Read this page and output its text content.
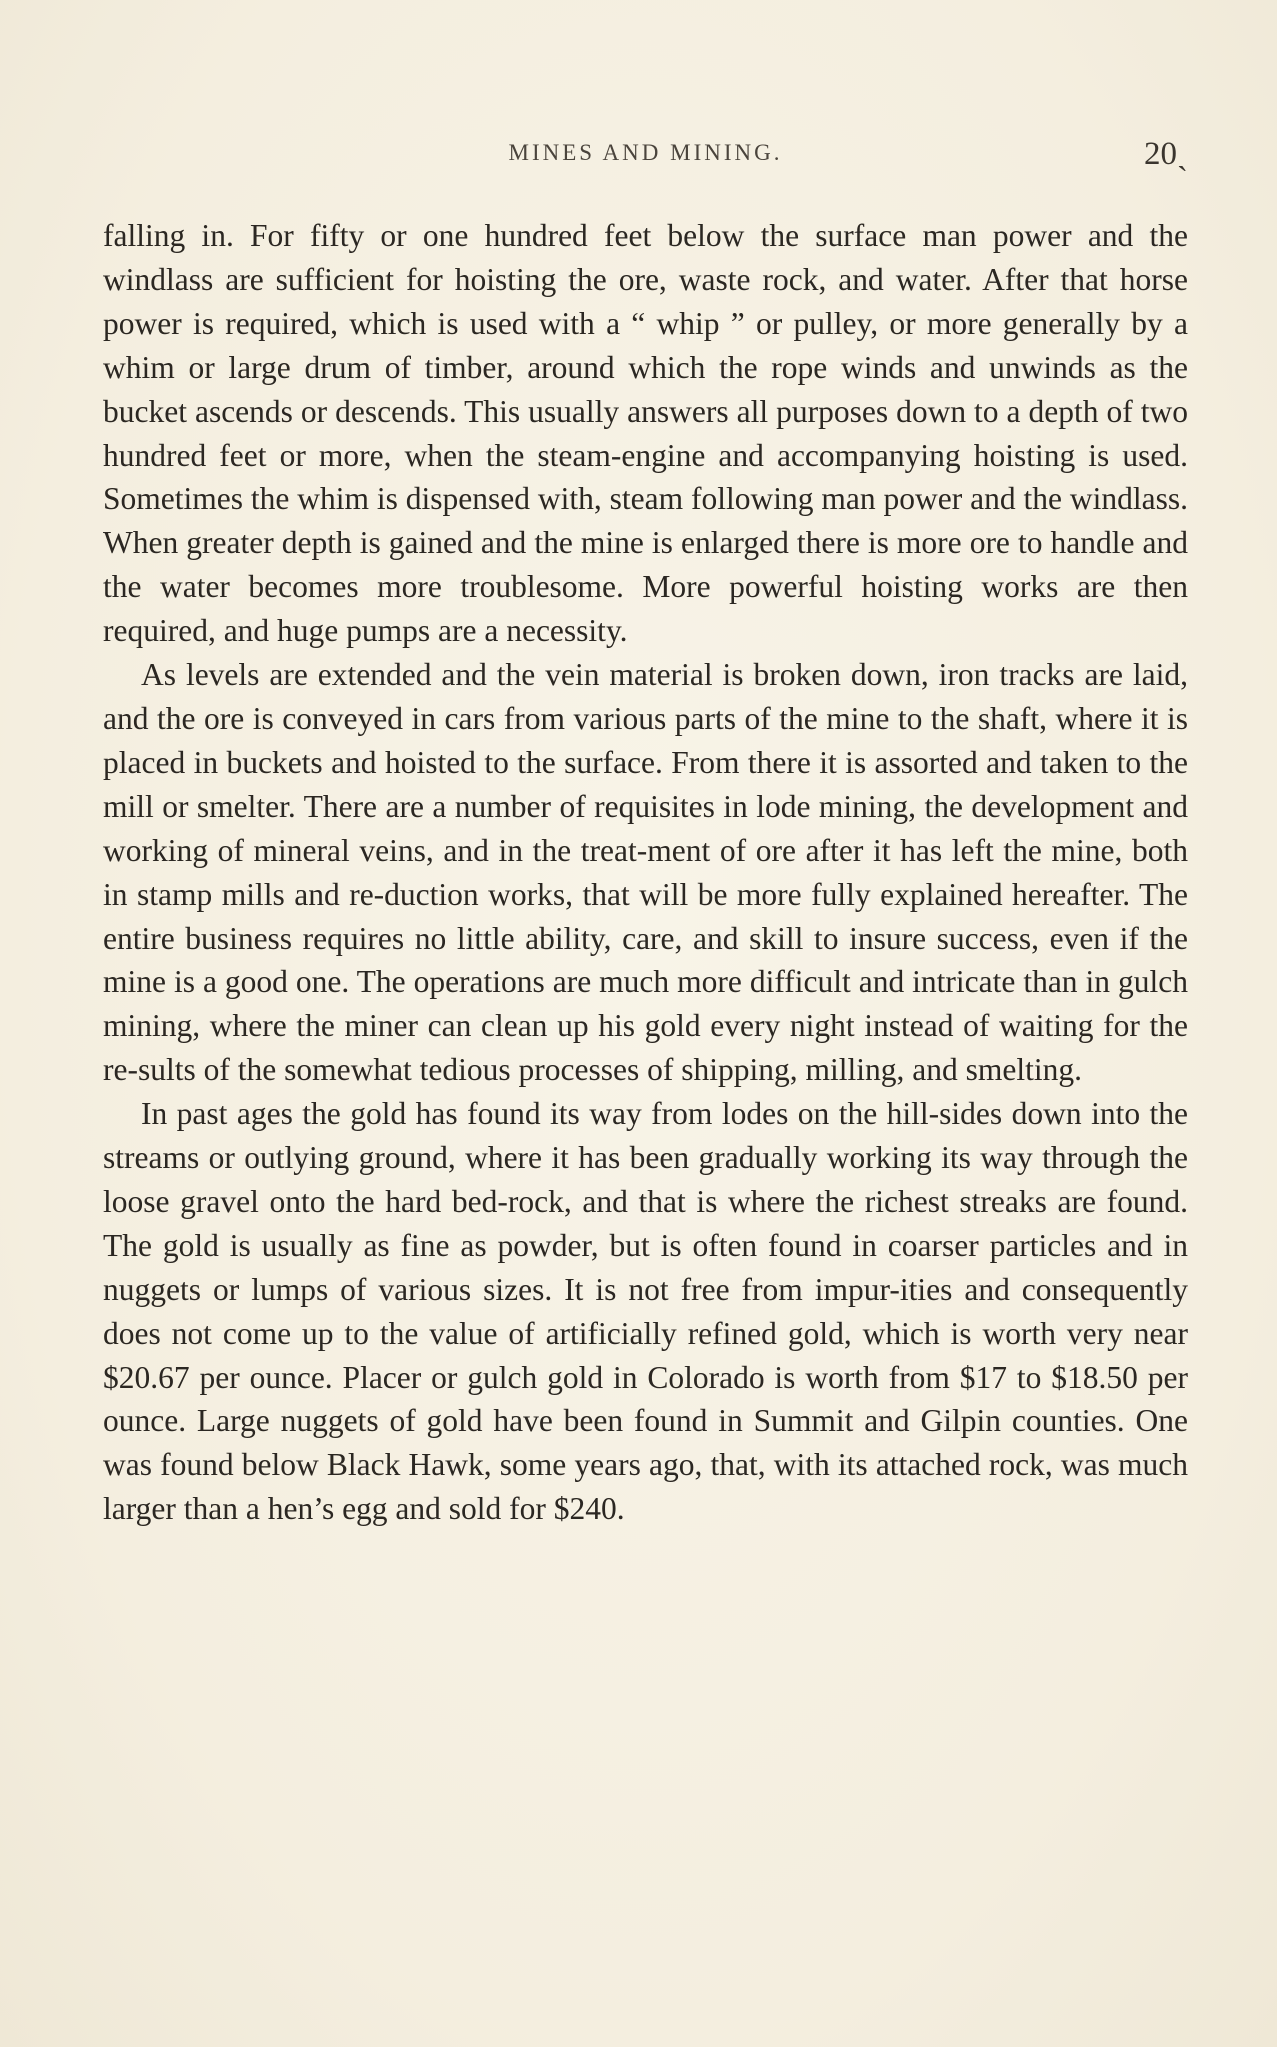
MINES AND MINING.	20ˎ

falling in. For fifty or one hundred feet below the surface man power and the windlass are sufficient for hoisting the ore, waste rock, and water. After that horse power is required, which is used with a “ whip ” or pulley, or more generally by a whim or large drum of timber, around which the rope winds and unwinds as the bucket ascends or descends. This usually answers all purposes down to a depth of two hundred feet or more, when the steam-engine and accompanying hoisting is used. Sometimes the whim is dispensed with, steam following man power and the windlass. When greater depth is gained and the mine is enlarged there is more ore to handle and the water becomes more troublesome. More powerful hoisting works are then required, and huge pumps are a necessity.

As levels are extended and the vein material is broken down, iron tracks are laid, and the ore is conveyed in cars from various parts of the mine to the shaft, where it is placed in buckets and hoisted to the surface. From there it is assorted and taken to the mill or smelter. There are a number of requisites in lode mining, the development and working of mineral veins, and in the treat-ment of ore after it has left the mine, both in stamp mills and re-duction works, that will be more fully explained hereafter. The entire business requires no little ability, care, and skill to insure success, even if the mine is a good one. The operations are much more difficult and intricate than in gulch mining, where the miner can clean up his gold every night instead of waiting for the re-sults of the somewhat tedious processes of shipping, milling, and smelting.

In past ages the gold has found its way from lodes on the hill-sides down into the streams or outlying ground, where it has been gradually working its way through the loose gravel onto the hard bed-rock, and that is where the richest streaks are found. The gold is usually as fine as powder, but is often found in coarser particles and in nuggets or lumps of various sizes. It is not free from impur-ities and consequently does not come up to the value of artificially refined gold, which is worth very near $20.67 per ounce. Placer or gulch gold in Colorado is worth from $17 to $18.50 per ounce. Large nuggets of gold have been found in Summit and Gilpin counties. One was found below Black Hawk, some years ago, that, with its attached rock, was much larger than a hen’s egg and sold for $240.
